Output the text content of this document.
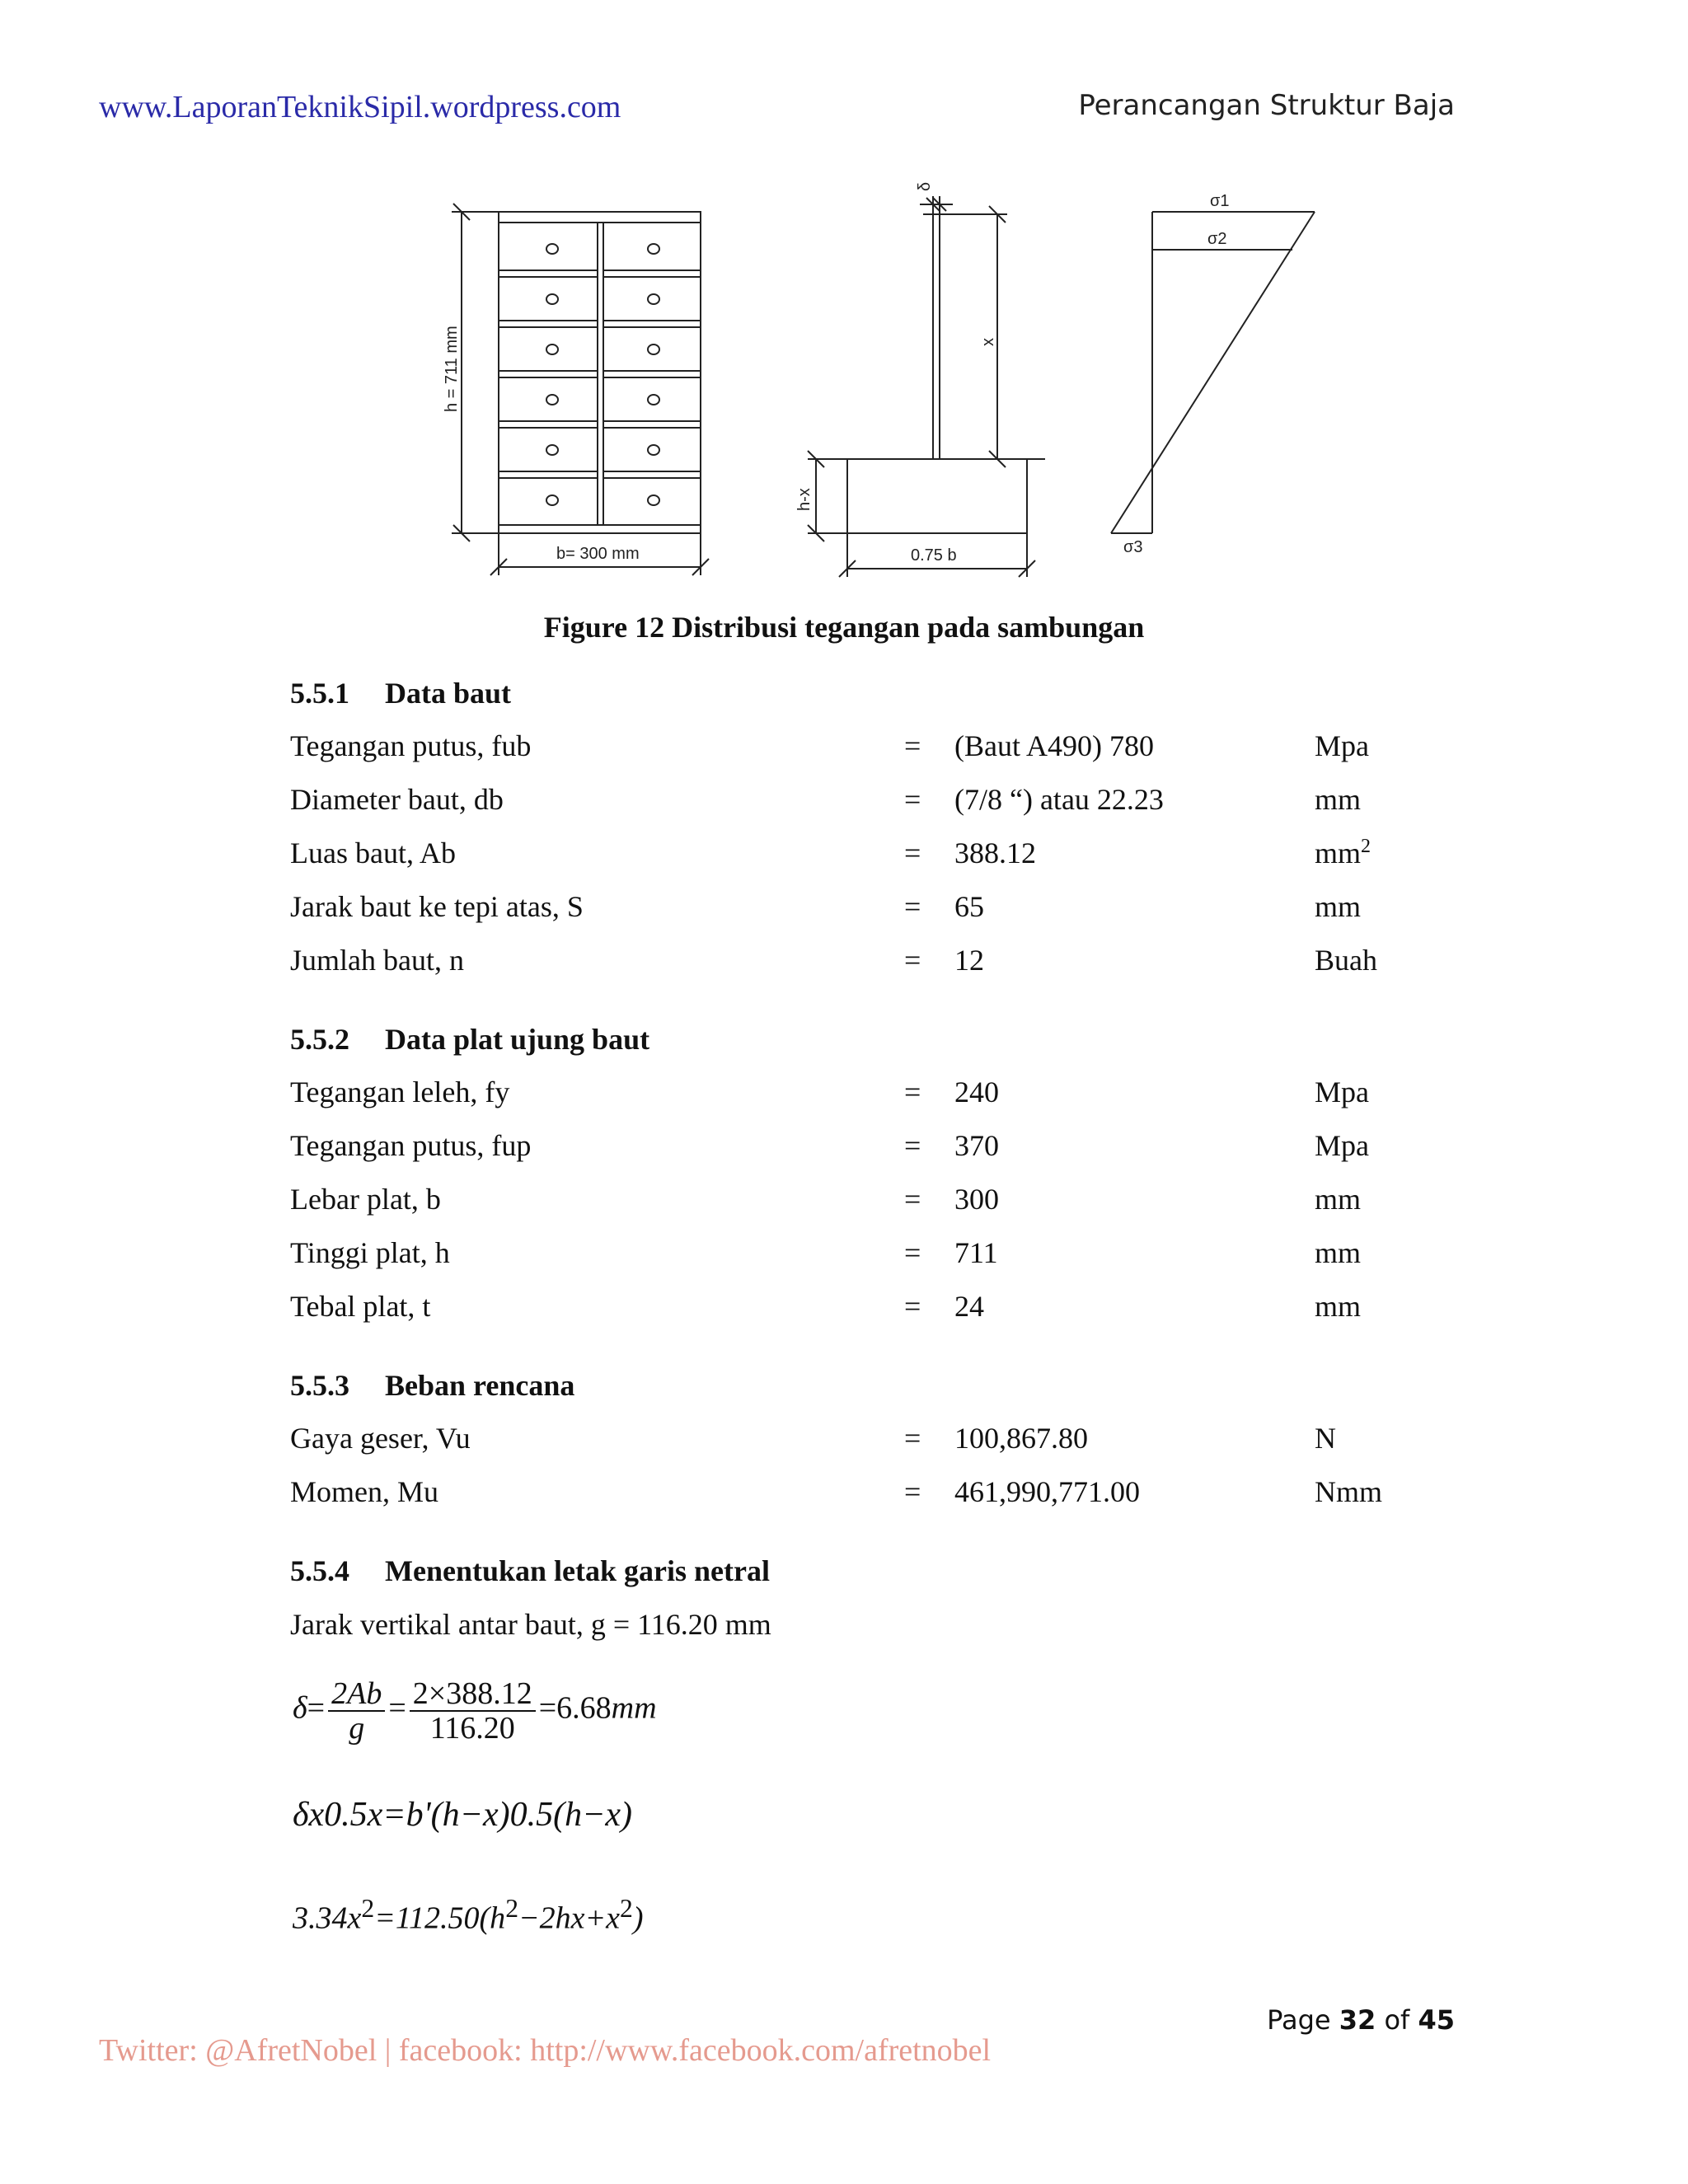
www.LaporanTeknikSipil.wordpress.com	Perancangan Struktur Baja
h = 711 mm
b= 300 mm
δ
x
h-x
0.75 b
σ1
σ2
σ3
Figure 12 Distribusi tegangan pada sambungan
5.5.1 Data baut
Tegangan putus, fub	= (Baut A490) 780	Mpa
Diameter baut, db	= (7/8 “) atau 22.23	mm
Luas baut, Ab	= 388.12	$mm^2$
Jarak baut ke tepi atas, S	= 65	mm
Jumlah baut, n	= 12	Buah
5.5.2 Data plat ujung baut
Tegangan leleh, fy	= 240	Mpa
Tegangan putus, fup	= 370	Mpa
Lebar plat, b	= 300	mm
Tinggi plat, h	= 711	mm
Tebal plat, t	= 24	mm
5.5.3 Beban rencana
Gaya geser, Vu	= 100,867.80	N
Momen, Mu	= 461,990,771.00	Nmm
5.5.4 Menentukan letak garis netral
Jarak vertikal antar baut, g = 116.20 mm
$\delta= \frac{2Ab}{g} = \frac{2\times 388.12}{116.20} =6.68mm$
δx0.5x=b'(h−x)0.5(h−x)
$3.34x^2=112.50(h^2-2hx+x^2)$
Page 32 of 45
Twitter: @AfretNobel | facebook: http://www.facebook.com/afretnobel
